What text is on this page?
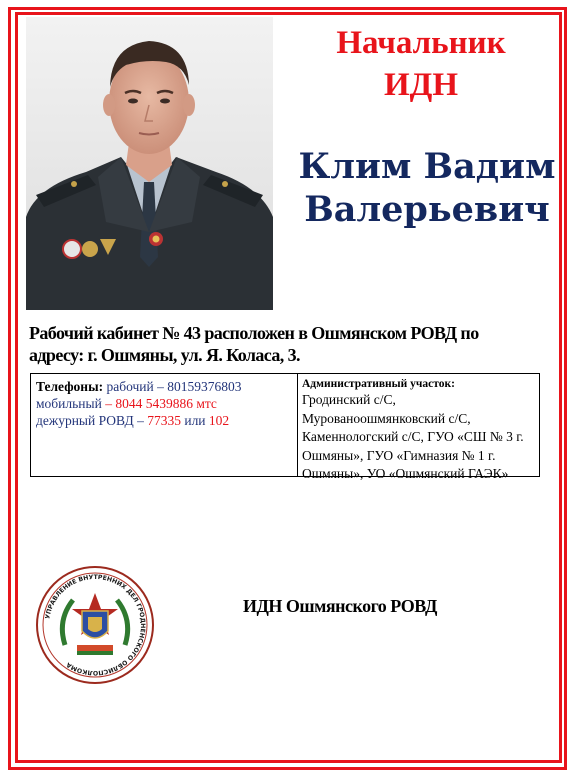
Начальник
ИДН
Клим Вадим
Валерьевич
Рабочий кабинет № 43 расположен в Ошмянском РОВД по
адресу: г. Ошмяны, ул. Я. Коласа, 3.
Телефоны: рабочий – 80159376803
мобильный – 8044 5439886 мтс
дежурный РОВД – 77335 или 102
Административный участок:
Гродинский с/С,
Мурованоошмянковский с/С,
Каменнологский с/С, ГУО «СШ № 3 г.
Ошмяны», ГУО «Гимназия № 1 г.
Ошмяны», УО «Ошмянский ГАЭК»
УПРАВЛЕНИЕ ВНУТРЕННИХ ДЕЛ ГРОДНЕНСКОГО ОБЛИСПОЛКОМА
ИДН Ошмянского РОВД
